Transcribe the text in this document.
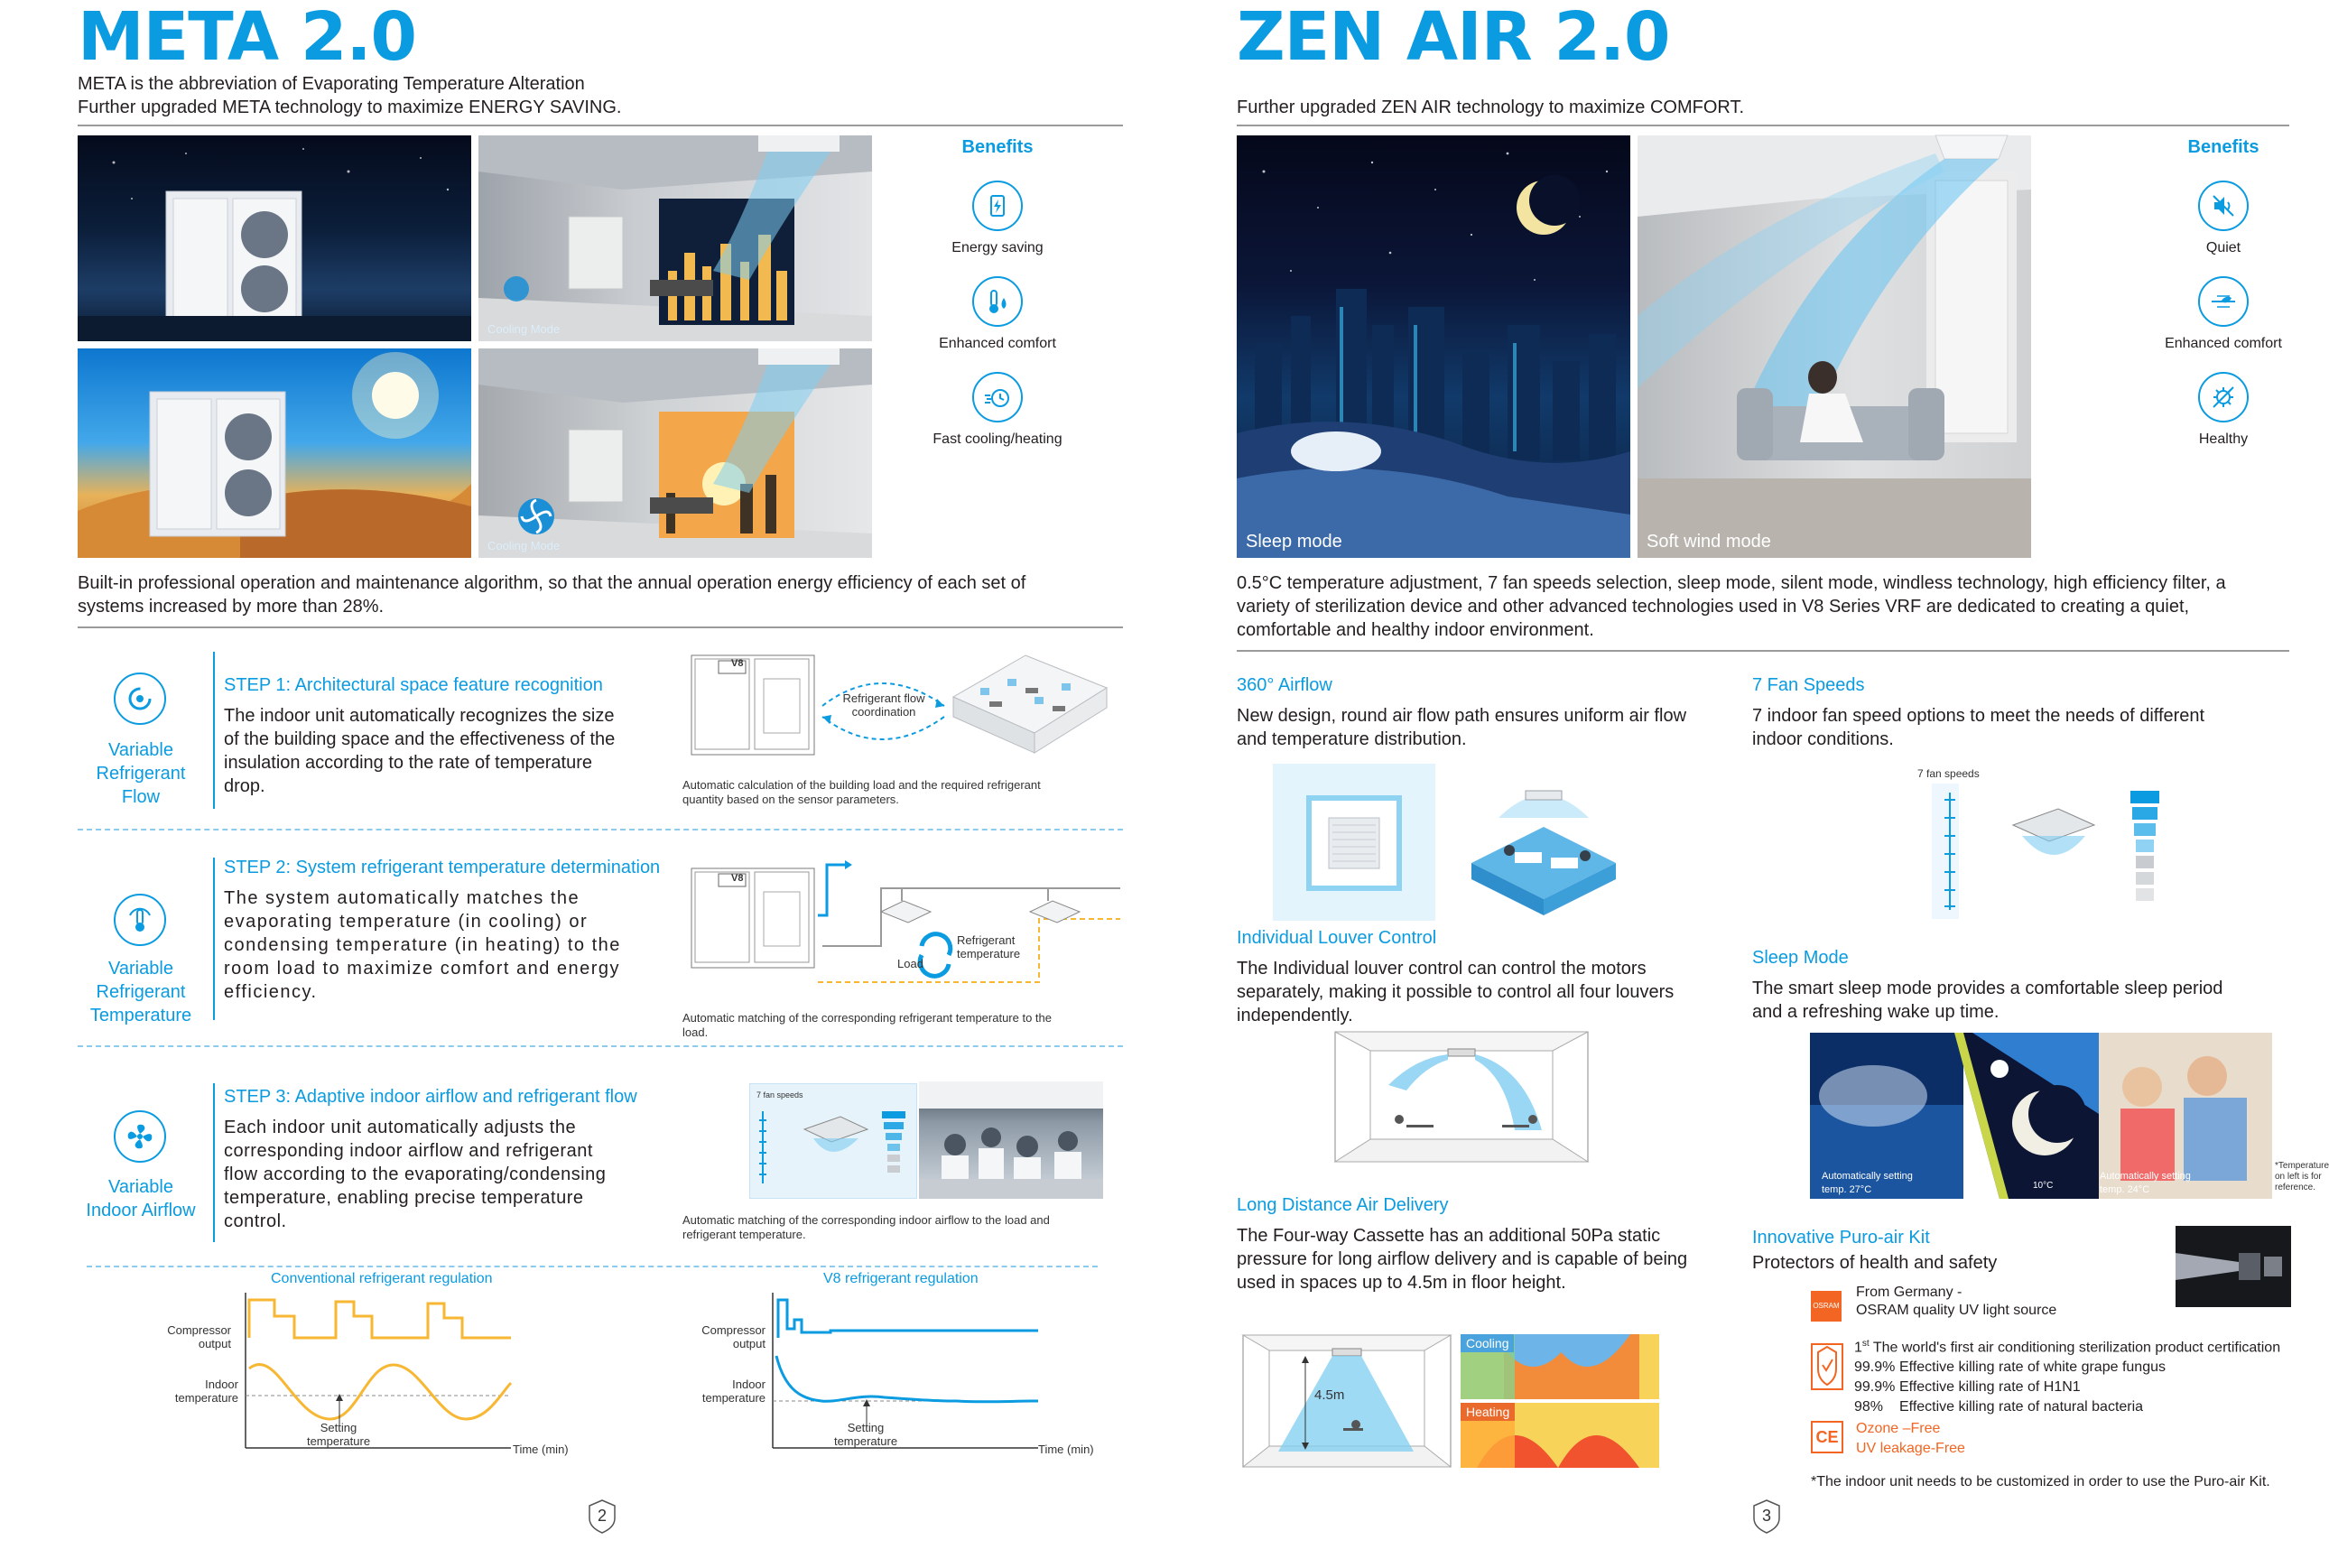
META 2.0
META is the abbreviation of Evaporating Temperature Alteration
Further upgraded META technology to maximize ENERGY SAVING.
Cooling Mode
Cooling Mode
Benefits
Energy saving
Enhanced comfort
Fast cooling/heating
Built-in professional operation and maintenance algorithm, so that the annual operation energy efficiency of each set of
systems increased by more than 28%.
Variable
Refrigerant
Flow
STEP 1: Architectural space feature recognition
The indoor unit automatically recognizes the size
of the building space and the effectiveness of the
insulation according to the rate of temperature
drop.
Refrigerant flow
coordination
V8
Automatic calculation of the building load and the required refrigerant
quantity based on the sensor parameters.
Variable
Refrigerant
Temperature
STEP 2: System refrigerant temperature determination
The system automatically matches the
evaporating temperature (in cooling) or
condensing temperature (in heating) to the
room load to maximize comfort and energy
efficiency.
Load
Refrigerant
temperature
V8
Automatic matching of the corresponding refrigerant temperature to the
load.
Variable
Indoor Airflow
STEP 3: Adaptive indoor airflow and refrigerant flow
Each indoor unit automatically adjusts the
corresponding indoor airflow and refrigerant
flow according to the evaporating/condensing
temperature, enabling precise temperature
control.
7 fan speeds
Automatic matching of the corresponding indoor airflow to the load and
refrigerant temperature.
Conventional refrigerant regulation	V8 refrigerant regulation
Compressor
output
Indoor
temperature
Setting
temperature
Time (min)
Compressor
output
Indoor
temperature
Setting
temperature
Time (min)
2
ZEN AIR 2.0
Further upgraded ZEN AIR technology to maximize COMFORT.
Sleep mode	Soft wind mode
Benefits
Quiet
Enhanced comfort
Healthy
0.5°C temperature adjustment, 7 fan speeds selection, sleep mode, silent mode, windless technology, high efficiency filter, a
variety of sterilization device and other advanced technologies used in V8 Series VRF are dedicated to creating a quiet,
comfortable and healthy indoor environment.
360° Airflow
New design, round air flow path ensures uniform air flow
and temperature distribution.
7 Fan Speeds
7 indoor fan speed options to meet the needs of different
indoor conditions.
7 fan speeds
Individual Louver Control
The Individual louver control can control the motors
separately, making it possible to control all four louvers
independently.
Sleep Mode
The smart sleep mode provides a comfortable sleep period
and a refreshing wake up time.
Automatically setting
temp. 27°C	10°C
Automatically setting
temp. 24°C
*Temperature
on left is for
reference.
Long Distance Air Delivery
The Four-way Cassette has an additional 50Pa static
pressure for long airflow delivery and is capable of being
used in spaces up to 4.5m in floor height.
4.5m
Cooling
Heating
Innovative Puro-air Kit
Protectors of health and safety
OSRAM
From Germany -
OSRAM quality UV light source
1st The world's first air conditioning sterilization product certification
99.9% Effective killing rate of white grape fungus
99.9% Effective killing rate of H1N1
98% Effective killing rate of natural bacteria
CE	Ozone –Free
UV leakage-Free
*The indoor unit needs to be customized in order to use the Puro-air Kit.
3
